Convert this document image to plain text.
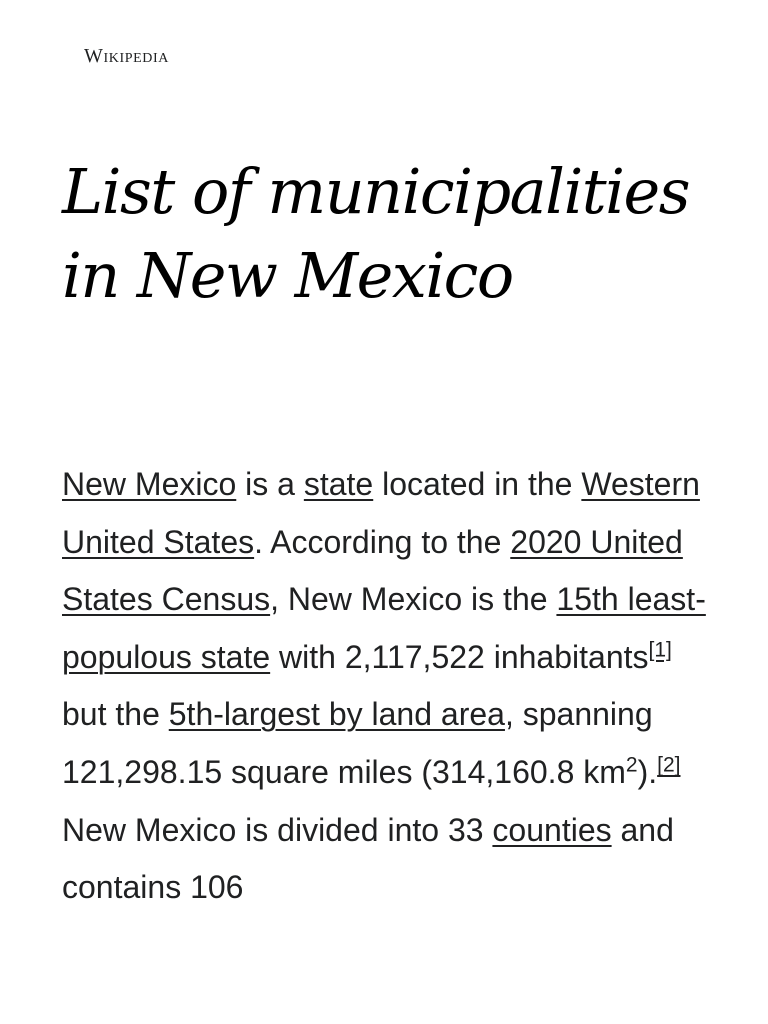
Wikipedia
List of municipalities in New Mexico

New Mexico is a state located in the Western United States. According to the 2020 United States Census, New Mexico is the 15th least-populous state with 2,117,522 inhabitants[1] but the 5th-largest by land area, spanning 121,298.15 square miles (314,160.8 $km^2).[2]$ New Mexico is divided into 33 counties and contains 106
